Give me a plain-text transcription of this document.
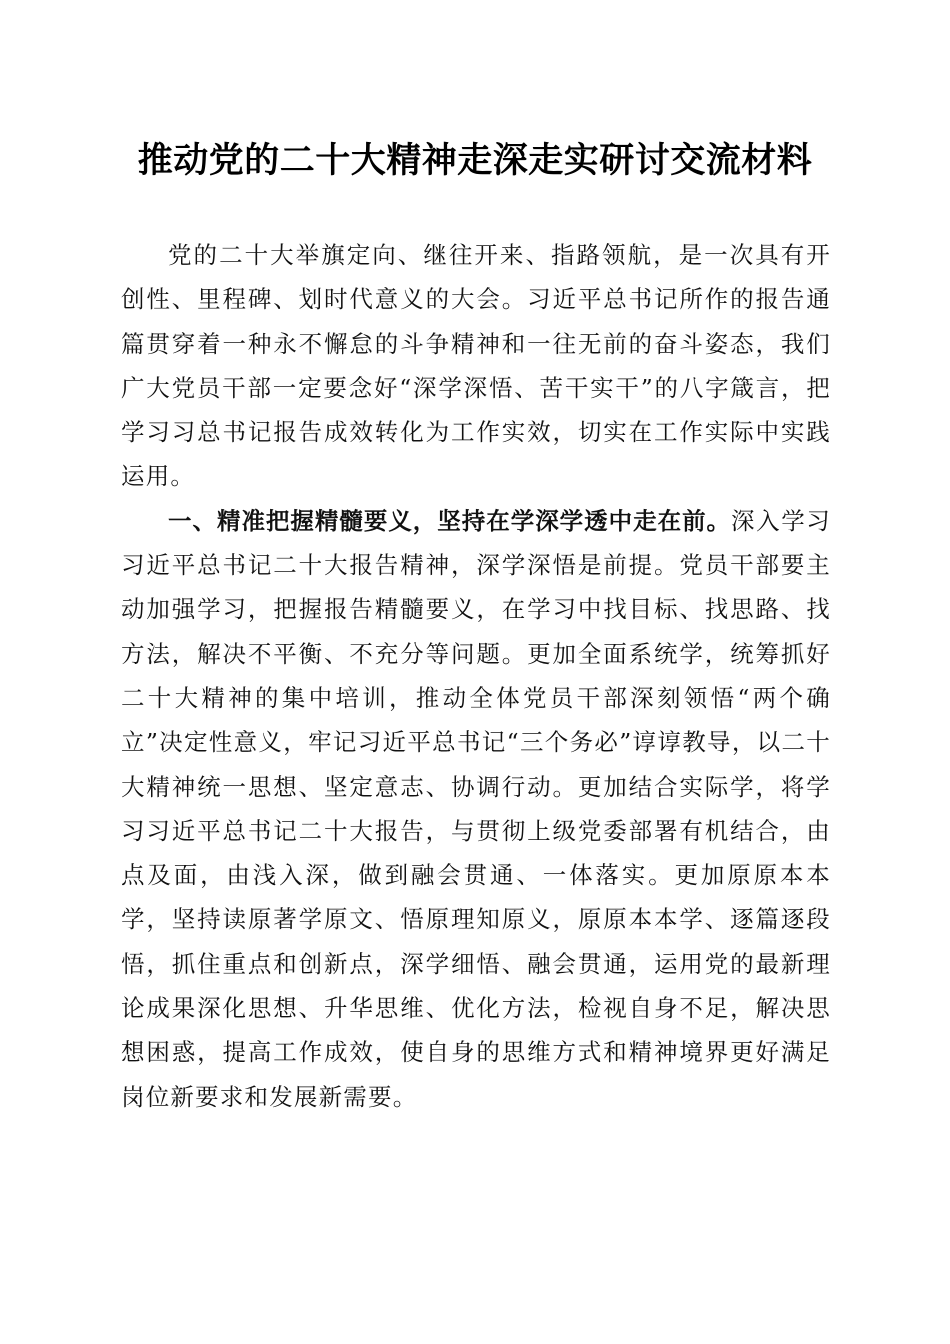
推动党的二十大精神走深走实研讨交流材料

党的二十大举旗定向、继往开来、指路领航，是一次具有开创性、里程碑、划时代意义的大会。习近平总书记所作的报告通篇贯穿着一种永不懈怠的斗争精神和一往无前的奋斗姿态，我们广大党员干部一定要念好“深学深悟、苦干实干”的八字箴言，把学习习总书记报告成效转化为工作实效，切实在工作实际中实践运用。

一、精准把握精髓要义，坚持在学深学透中走在前。深入学习习近平总书记二十大报告精神，深学深悟是前提。党员干部要主动加强学习，把握报告精髓要义，在学习中找目标、找思路、找方法，解决不平衡、不充分等问题。更加全面系统学，统筹抓好二十大精神的集中培训，推动全体党员干部深刻领悟“两个确立”决定性意义，牢记习近平总书记“三个务必”谆谆教导，以二十大精神统一思想、坚定意志、协调行动。更加结合实际学，将学习习近平总书记二十大报告，与贯彻上级党委部署有机结合，由点及面，由浅入深，做到融会贯通、一体落实。更加原原本本学，坚持读原著学原文、悟原理知原义，原原本本学、逐篇逐段悟，抓住重点和创新点，深学细悟、融会贯通，运用党的最新理论成果深化思想、升华思维、优化方法，检视自身不足，解决思想困惑，提高工作成效，使自身的思维方式和精神境界更好满足岗位新要求和发展新需要。
